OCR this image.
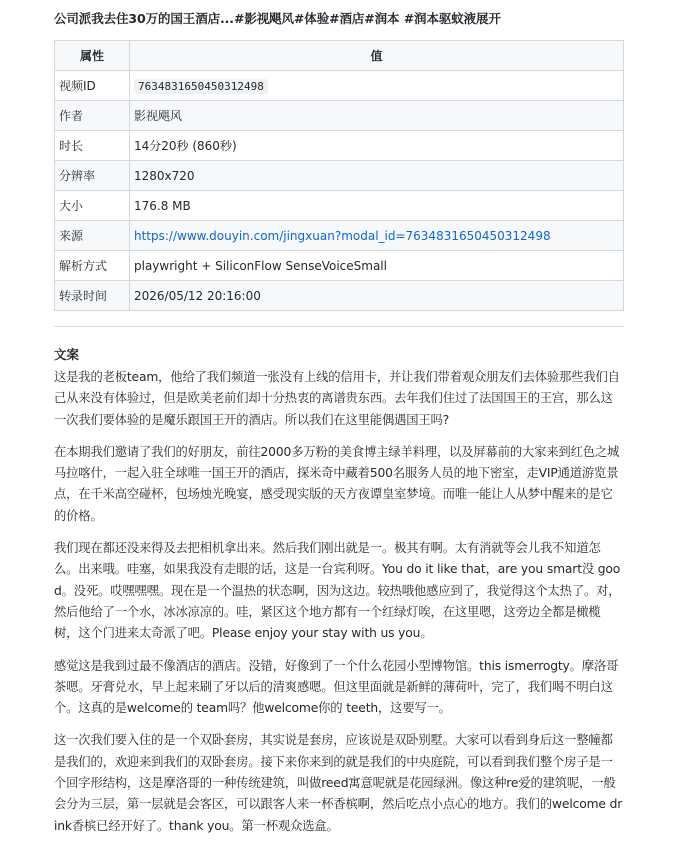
公司派我去住30万的国王酒店...#影视飓风#体验#酒店#润本 #润本驱蚊液展开
属性	值
视频ID	7634831650450312498
作者	影视飓风
时长	14分20秒 (860秒)
分辨率	1280x720
大小	176.8 MB
来源	https://www.douyin.com/jingxuan?modal_id=7634831650450312498
解析方式	playwright + SiliconFlow SenseVoiceSmall
转录时间	2026/05/12 20:16:00
文案

这是我的老板team，他给了我们频道一张没有上线的信用卡，并让我们带着观众朋友们去体验那些我们自己从来没有体验过，但是欧美老前们却十分热衷的离谱贵东西。去年我们住过了法国国王的王宫，那么这一次我们要体验的是魔乐跟国王开的酒店。所以我们在这里能偶遇国王吗?

在本期我们邀请了我们的好朋友，前往2000多万粉的美食博主绿羊料理，以及屏幕前的大家来到红色之城马拉喀什，一起入驻全球唯一国王开的酒店，探米奇中藏着500名服务人员的地下密室，走VIP通道游览景点，在千米高空碰杯，包场烛光晚宴，感受现实版的天方夜谭皇室梦境。而唯一能让人从梦中醒来的是它的价格。

我们现在都还没来得及去把相机拿出来。然后我们刚出就是一。极其有啊。太有消就等会儿我不知道怎么。出来哦。哇塞，如果我没有走眼的话，这是一台宾利呀。You do it like that，are you smart没 good。没死。哎嘿嘿嘿。现在是一个温热的状态啊，因为这边。较热哦他感应到了，我觉得这个太热了。对，然后他给了一个水，冰冰凉凉的。哇，紧区这个地方都有一个红绿灯唉，在这里嗯，这旁边全都是橄榄树，这个门进来太奇派了吧。Please enjoy your stay with us you。

感觉这是我到过最不像酒店的酒店。没错，好像到了一个什么花园小型博物馆。this ismerrogty。摩洛哥茶嗯。牙膏兑水，早上起来刷了牙以后的清爽感嗯。但这里面就是新鲜的薄荷叶，完了，我们喝不明白这个。这真的是welcome的 team吗？他welcome你的 teeth，这要写一。

这一次我们要入住的是一个双卧套房，其实说是套房，应该说是双卧别墅。大家可以看到身后这一整幢都是我们的，欢迎来到我们的双卧套房。接下来你来到的就是我们的中央庭院，可以看到我们整个房子是一个回字形结构，这是摩洛哥的一种传统建筑，叫做reed寓意呢就是花园绿洲。像这种re爱的建筑呢，一般会分为三层，第一层就是会客区，可以跟客人来一杯香槟啊，然后吃点小点心的地方。我们的welcome drink香槟已经开好了。thank you。第一杯观众选盒。
